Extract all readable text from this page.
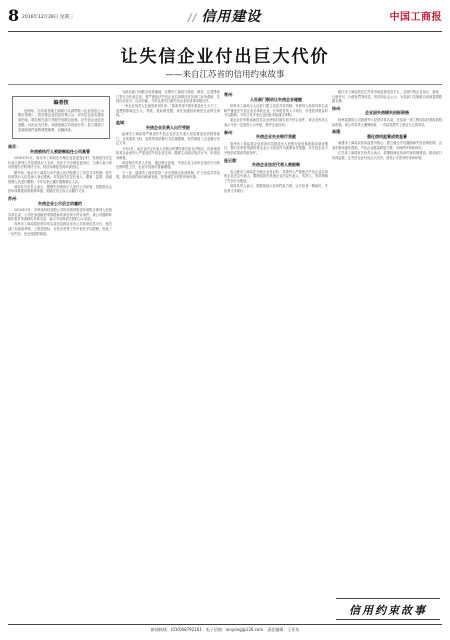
8 2016年12月28日 星期三	// 信用建设	中国工商报
让失信企业付出巨大代价
——来自江苏省的信用约束故事
编者按

近两年，江苏省各级工商部门认真贯彻《企业信息公示暂行条例》，依法将企业信息归集公示，对失信企业实施信用约束，联合相关部门开展失信联合惩戒，让失信企业处处受限，付出巨大代价。本版选取江苏省部分市、县工商部门实施信用约束的典型案例，以飨读者。

南京：
失信被执行人被限制担任公司高管

2016年10月，南京市工商局在办理企业变更登记时，发现拟任法定代表人被列入失信被执行人名单，依法不予办理变更登记。当事人表示将尽快履行法院判决义务，待信用修复后再申请登记。

据介绍，南京市工商局与市中级人民法院建立了信息共享机制，将失信被执行人信息嵌入登记系统，对其担任法定代表人、董事、监事、高级管理人员进行限制，今年以来已累计限制数百人次。

该局有关负责人表示，限制失信被执行人担任公司高管，是推进社会信用体系建设的重要举措，倒逼失信主体主动履行义务。

苏州：
失信企业公示后主动履约

2016年9月，苏州某科技有限公司因未按时报送年度报告被列入经营异常名录，公司在参加政府采购投标时被告知不符合条件。该公司随即补报年报并申请移出异常名录，表示今后将依法按时公示信息。

苏州市工商局将经营异常名录信息推送至市公共信用信息平台，相关部门在政府采购、工程招投标、评先评优等工作中依法予以限制，形成了一处失信、处处受限的格局。

为推动部门间联合惩戒落地，无锡市工商局与财政、税务、住建等部门签订合作备忘录，将严重违法失信企业名单推送至各部门业务系统，实现自动比对、自动拦截，今年以来共拦截失信企业申请事项数百件。

一家企业负责人在接受采访时说：“原来觉得不报年报没什么大不了，没想到影响这么大，贷款、投标都受限，现在知道信用就是企业的生命线。”

盐城：
失信企业负责人出行受限

盐城市工商局将严重违法失信企业法定代表人信息推送至法院等部门，对其乘坐飞机、高铁等高消费行为实施限制，有效督促了企业履行法定义务。

今年5月，某企业法定代表人在购买机票时被告知无法购买，经查询得知其企业被列入严重违法失信企业名单，随即主动改正违法行为，申请信用修复。

该局相关负责人介绍，通过联合惩戒，失信企业主动纠正违法行为的比例明显上升，企业守信意识普遍增强。

下一步，盐城市工商局将进一步完善联合惩戒机制，扩大信息共享范围，推动信用约束向纵深发展，营造诚实守信的市场环境。

常州：
人社部门联动让失信企业碰壁

常州市工商局与人社部门建立信息共享机制，对被列入经营异常名录和严重违法失信企业名单的企业，在申报各类人才项目、享受扶持资金时予以限制。今年已有多家企业因此未能通过审核。

某企业在申报高新技术企业补贴时被告知不符合条件，该企业负责人表示今后一定按时公示年报，维护企业信用。

泰州：
失信企业失去银行贷款

泰州市工商局将企业信用信息推送至人民银行征信系统和各商业银行，银行在审批贷款时将企业公示信息作为重要参考依据，对失信企业不予授信或提高贷款条件。

连云港：
失信企业法定代表人被限制

连云港市工商局在办理企业登记时，对被列入严重违法失信企业名单的企业法定代表人，限制其担任其他企业法定代表人、负责人，有效遏制了失信行为蔓延。

该局负责人表示，将继续加大信用约束力度，让守信者一路绿灯、失信者寸步难行。

镇江市工商局依托江苏省市场监管信息平台，全面归集企业登记、备案、行政许可、行政处罚等信息，依法向社会公示，为各部门实施联合惩戒提供数据支撑。

扬州：
企业因失信错失招标资格

扬州某建筑公司因被列入经营异常名录，在参加一项工程招标时被取消投标资格。该公司负责人懊悔地说，一次疏忽损失了数百万元的项目。

南通：
强化信用监管成效显著

南通市工商局以信用监管为核心，建立健全守信激励和失信惩戒机制，企业年报率逐年提高，失信企业数量明显下降，市场秩序持续向好。

江苏省工商局有关负责人表示，将继续深化信用约束机制建设，推动部门协同监管，让失信企业付出巨大代价，营造公平竞争的市场环境。

信用约束故事
新闻热线：(010)68792101　电子信箱：xinyong@126.com　责任编辑：王亚东
